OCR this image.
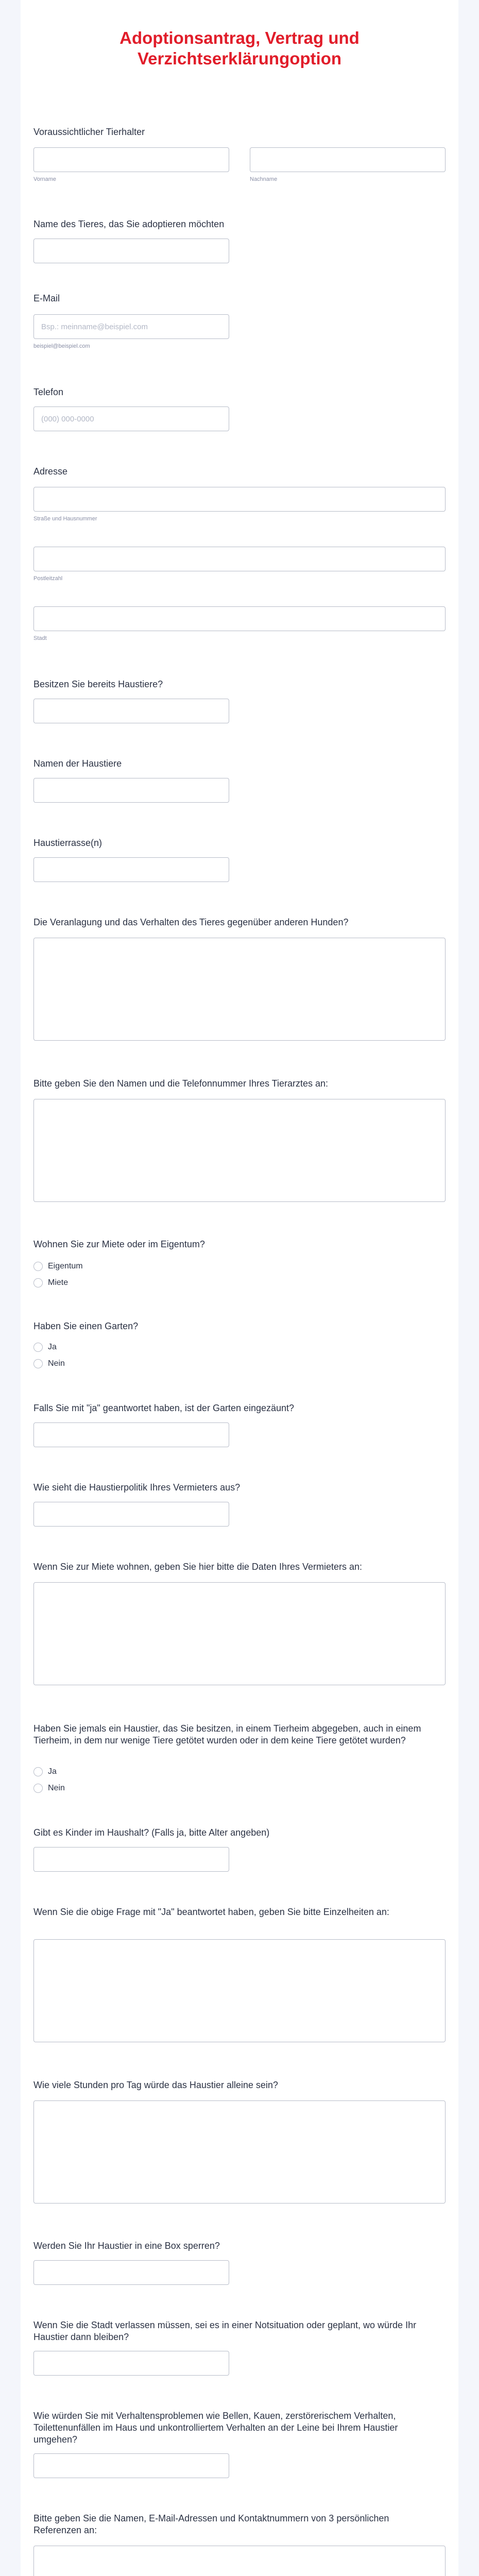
Adoptionsantrag, Vertrag und
Verzichtserklärungoption
Voraussichtlicher Tierhalter
Vorname	Nachname
Name des Tieres, das Sie adoptieren möchten
E-Mail
Bsp.: meinname@beispiel.com
beispiel@beispiel.com
Telefon
(000) 000-0000
Adresse
Straße und Hausnummer
Postleitzahl
Stadt
Besitzen Sie bereits Haustiere?
Namen der Haustiere
Haustierrasse(n)
Die Veranlagung und das Verhalten des Tieres gegenüber anderen Hunden?
Bitte geben Sie den Namen und die Telefonnummer Ihres Tierarztes an:
Wohnen Sie zur Miete oder im Eigentum?
Eigentum
Miete
Haben Sie einen Garten?
Ja
Nein
Falls Sie mit "ja" geantwortet haben, ist der Garten eingezäunt?
Wie sieht die Haustierpolitik Ihres Vermieters aus?
Wenn Sie zur Miete wohnen, geben Sie hier bitte die Daten Ihres Vermieters an:
Haben Sie jemals ein Haustier, das Sie besitzen, in einem Tierheim abgegeben, auch in einem Tierheim, in dem nur wenige Tiere getötet wurden oder in dem keine Tiere getötet wurden?
Ja
Nein
Gibt es Kinder im Haushalt? (Falls ja, bitte Alter angeben)
Wenn Sie die obige Frage mit "Ja" beantwortet haben, geben Sie bitte Einzelheiten an:
Wie viele Stunden pro Tag würde das Haustier alleine sein?
Werden Sie Ihr Haustier in eine Box sperren?
Wenn Sie die Stadt verlassen müssen, sei es in einer Notsituation oder geplant, wo würde Ihr Haustier dann bleiben?
Wie würden Sie mit Verhaltensproblemen wie Bellen, Kauen, zerstörerischem Verhalten, Toilettenunfällen im Haus und unkontrolliertem Verhalten an der Leine bei Ihrem Haustier umgehen?
Bitte geben Sie die Namen, E-Mail-Adressen und Kontaktnummern von 3 persönlichen Referenzen an:
